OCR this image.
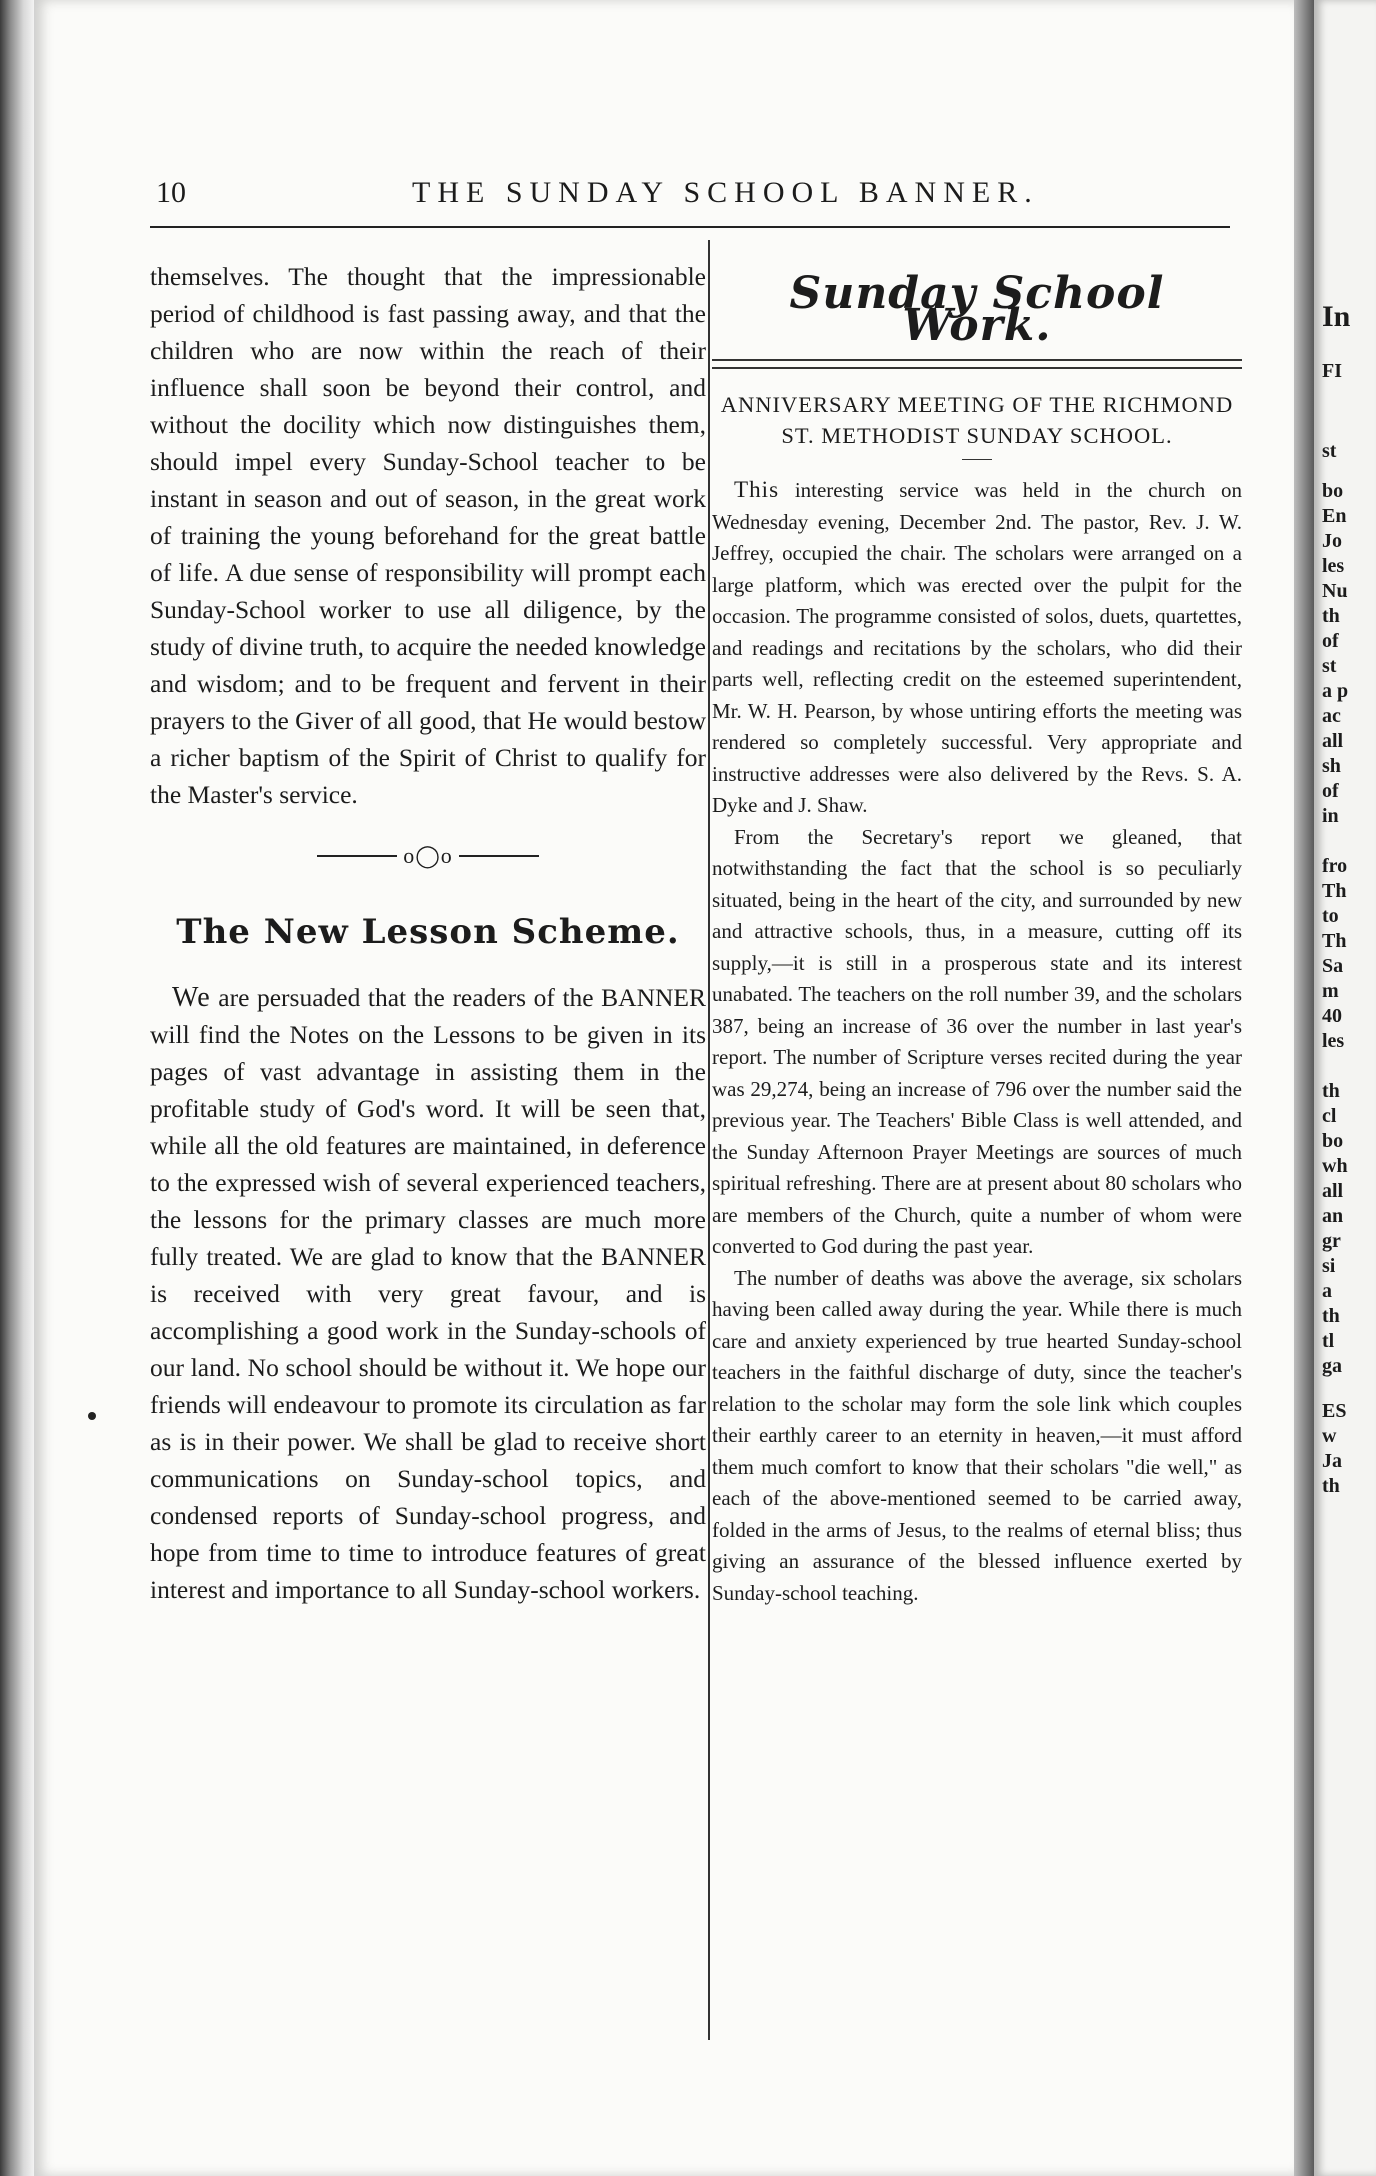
10	THE SUNDAY SCHOOL BANNER.

themselves. The thought that the impressionable period of childhood is fast passing away, and that the children who are now within the reach of their influence shall soon be beyond their control, and without the docility which now distinguishes them, should impel every Sunday-School teacher to be instant in season and out of season, in the great work of training the young beforehand for the great battle of life. A due sense of responsibility will prompt each Sunday-School worker to use all diligence, by the study of divine truth, to acquire the needed knowledge and wisdom; and to be frequent and fervent in their prayers to the Giver of all good, that He would bestow a richer baptism of the Spirit of Christ to qualify for the Master's service.

o◯o
The New Lesson Scheme.

We are persuaded that the readers of the BANNER will find the Notes on the Lessons to be given in its pages of vast advantage in assisting them in the profitable study of God's word. It will be seen that, while all the old features are maintained, in deference to the expressed wish of several experienced teachers, the lessons for the primary classes are much more fully treated. We are glad to know that the BANNER is received with very great favour, and is accomplishing a good work in the Sunday-schools of our land. No school should be without it. We hope our friends will endeavour to promote its circulation as far as is in their power. We shall be glad to receive short communications on Sunday-school topics, and condensed reports of Sunday-school progress, and hope from time to time to introduce features of great interest and importance to all Sunday-school workers.

Sunday School Work.
ANNIVERSARY MEETING OF THE RICHMOND ST. METHODIST SUNDAY SCHOOL.

This interesting service was held in the church on Wednesday evening, December 2nd. The pastor, Rev. J. W. Jeffrey, occupied the chair. The scholars were arranged on a large platform, which was erected over the pulpit for the occasion. The programme consisted of solos, duets, quartettes, and readings and recitations by the scholars, who did their parts well, reflecting credit on the esteemed superintendent, Mr. W. H. Pearson, by whose untiring efforts the meeting was rendered so completely successful. Very appropriate and instructive addresses were also delivered by the Revs. S. A. Dyke and J. Shaw.

From the Secretary's report we gleaned, that notwithstanding the fact that the school is so peculiarly situated, being in the heart of the city, and surrounded by new and attractive schools, thus, in a measure, cutting off its supply,—it is still in a prosperous state and its interest unabated. The teachers on the roll number 39, and the scholars 387, being an increase of 36 over the number in last year's report. The number of Scripture verses recited during the year was 29,274, being an increase of 796 over the number said the previous year. The Teachers' Bible Class is well attended, and the Sunday Afternoon Prayer Meetings are sources of much spiritual refreshing. There are at present about 80 scholars who are members of the Church, quite a number of whom were converted to God during the past year.

The number of deaths was above the average, six scholars having been called away during the year. While there is much care and anxiety experienced by true hearted Sunday-school teachers in the faithful discharge of duty, since the teacher's relation to the scholar may form the sole link which couples their earthly career to an eternity in heaven,—it must afford them much comfort to know that their scholars "die well," as each of the above-mentioned seemed to be carried away, folded in the arms of Jesus, to the realms of eternal bliss; thus giving an assurance of the blessed influence exerted by Sunday-school teaching.

In
FI
st
bo
En
Jo
les
Nu
th
of
st
a p
ac
all
sh
of
in
fro
Th
to
Th
Sa
m
40
les
th
cl
bo
wh
all
an
gr
si
a
th
tl
ga
ES
w
Ja
th
